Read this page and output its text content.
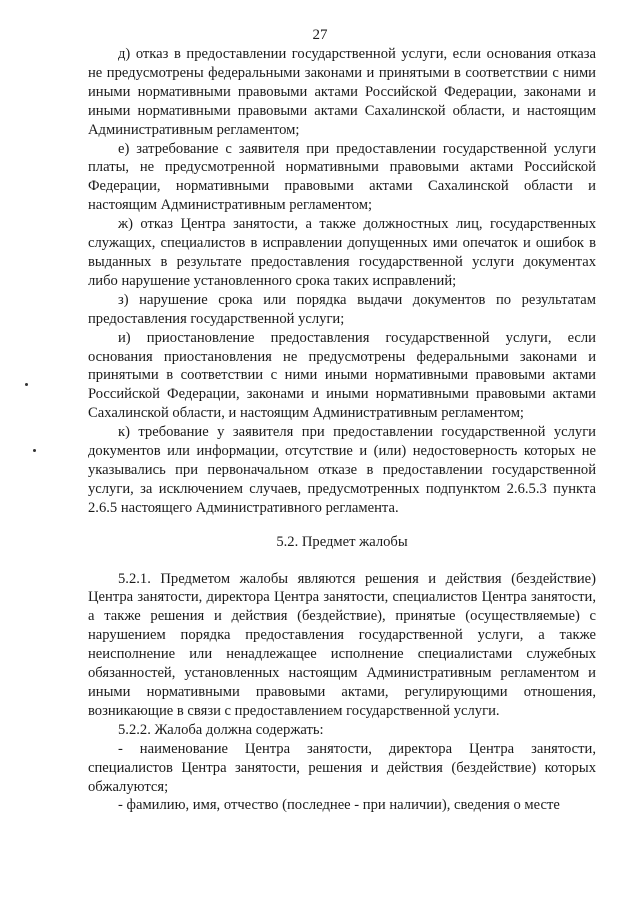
27

д) отказ в предоставлении государственной услуги, если основания отказа не предусмотрены федеральными законами и принятыми в соответствии с ними иными нормативными правовыми актами Российской Федерации, законами и иными нормативными правовыми актами Сахалинской области, и настоящим Административным регламентом;

е) затребование с заявителя при предоставлении государственной услуги платы, не предусмотренной нормативными правовыми актами Российской Федерации, нормативными правовыми актами Сахалинской области и настоящим Административным регламентом;

ж) отказ Центра занятости, а также должностных лиц, государственных служащих, специалистов в исправлении допущенных ими опечаток и ошибок в выданных в результате предоставления государственной услуги документах либо нарушение установленного срока таких исправлений;

з) нарушение срока или порядка выдачи документов по результатам предоставления государственной услуги;

и) приостановление предоставления государственной услуги, если основания приостановления не предусмотрены федеральными законами и принятыми в соответствии с ними иными нормативными правовыми актами Российской Федерации, законами и иными нормативными правовыми актами Сахалинской области, и настоящим Административным регламентом;

к) требование у заявителя при предоставлении государственной услуги документов или информации, отсутствие и (или) недостоверность которых не указывались при первоначальном отказе в предоставлении государственной услуги, за исключением случаев, предусмотренных подпунктом 2.6.5.3 пункта 2.6.5 настоящего Административного регламента.

5.2. Предмет жалобы

5.2.1. Предметом жалобы являются решения и действия (бездействие) Центра занятости, директора Центра занятости, специалистов Центра занятости, а также решения и действия (бездействие), принятые (осуществляемые) с нарушением порядка предоставления государственной услуги, а также неисполнение или ненадлежащее исполнение специалистами служебных обязанностей, установленных настоящим Административным регламентом и иными нормативными правовыми актами, регулирующими отношения, возникающие в связи с предоставлением государственной услуги.

5.2.2. Жалоба должна содержать:

- наименование Центра занятости, директора Центра занятости, специалистов Центра занятости, решения и действия (бездействие) которых обжалуются;

- фамилию, имя, отчество (последнее - при наличии), сведения о месте
